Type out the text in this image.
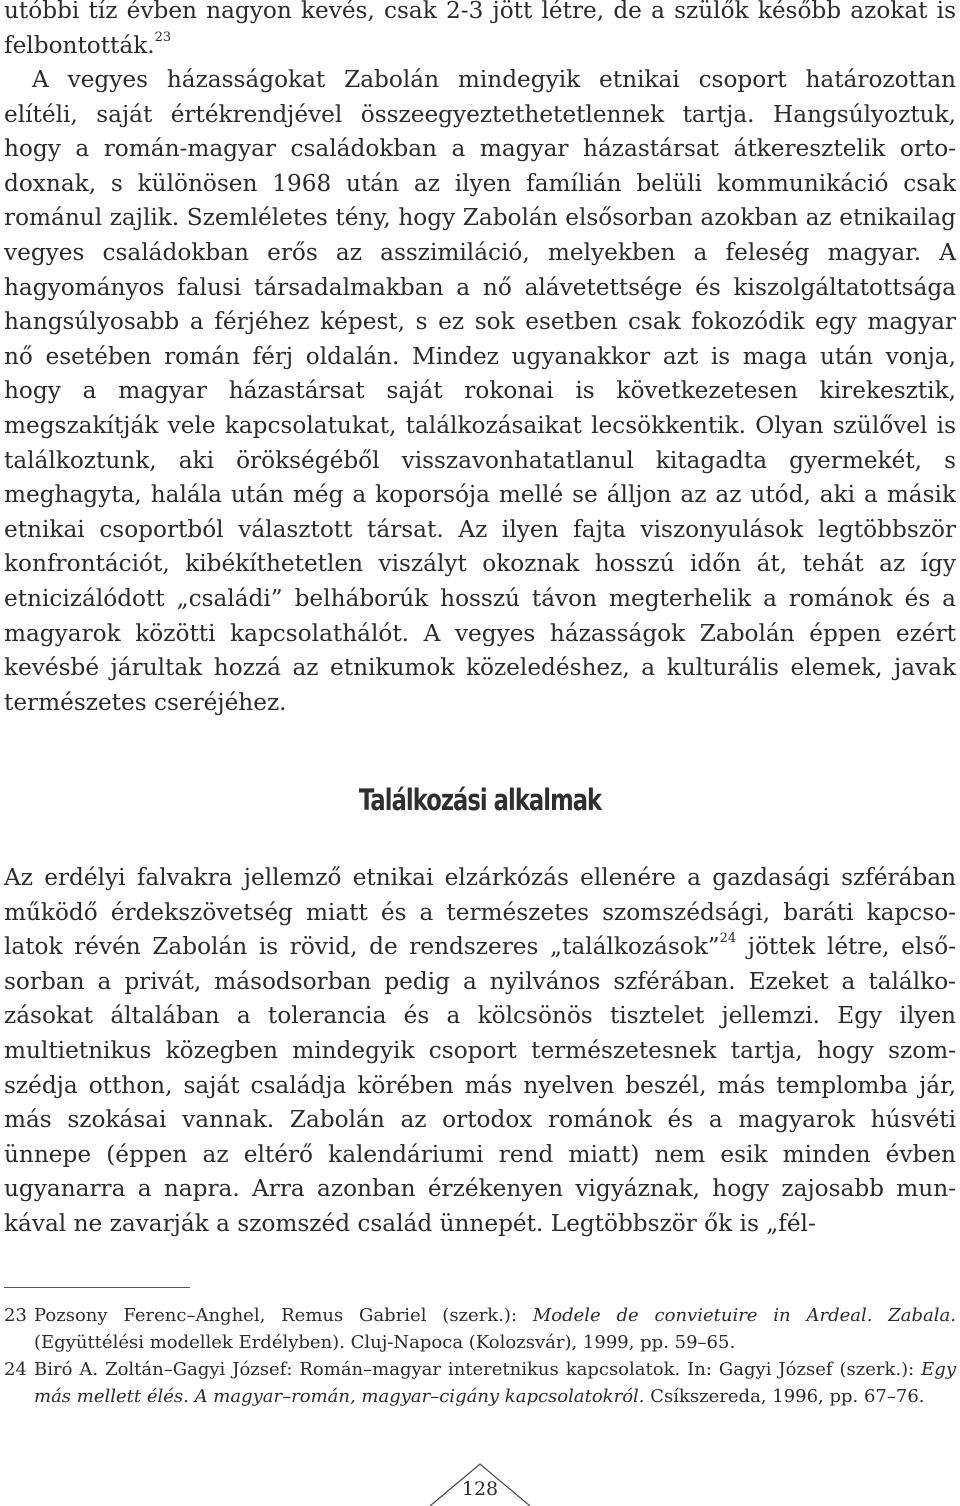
utóbbi tíz évben nagyon kevés, csak 2-3 jött létre, de a szülők később azokat is felbontották.$^{23}$
A vegyes házasságokat Zabolán mindegyik etnikai csoport határozottan elítéli, saját értékrendjével összeegyeztethetetlennek tartja. Hangsúlyoztuk, hogy a román-magyar családokban a magyar házastársat átkeresztelik ortodoxnak, s különösen 1968 után az ilyen famílián belüli kommunikáció csak románul zajlik. Szemléletes tény, hogy Zabolán elsősorban azokban az etnikailag vegyes családokban erős az asszimiláció, melyekben a feleség magyar. A hagyományos falusi társadalmakban a nő alávetettsége és kiszolgáltatottsága hangsúlyosabb a férjéhez képest, s ez sok esetben csak fokozódik egy magyar nő esetében román férj oldalán. Mindez ugyanakkor azt is maga után vonja, hogy a magyar házastársat saját rokonai is következetesen kirekesztik, megszakítják vele kapcsolatukat, találkozásaikat lecsökkentik. Olyan szülővel is találkoztunk, aki örökségéből visszavonhatatlanul kitagadta gyermekét, s meghagyta, halála után még a koporsója mellé se álljon az az utód, aki a másik etnikai csoportból választott társat. Az ilyen fajta viszonyulások legtöbbször konfrontációt, kibékíthetetlen viszályt okoznak hosszú időn át, tehát az így etnicizálódott „családi” belháborúk hosszú távon megterhelik a románok és a magyarok közötti kapcsolathálót. A vegyes házasságok Zabolán éppen ezért kevésbé járultak hozzá az etnikumok közeledéshez, a kulturális elemek, javak természetes cseréjéhez.
Találkozási alkalmak
Az erdélyi falvakra jellemző etnikai elzárkózás ellenére a gazdasági szférában működő érdekszövetség miatt és a természetes szomszédsági, baráti kapcsolatok révén Zabolán is rövid, de rendszeres „találkozások”$^{24}$ jöttek létre, elsősorban a privát, másodsorban pedig a nyilvános szférában. Ezeket a találkozásokat általában a tolerancia és a kölcsönös tisztelet jellemzi. Egy ilyen multietnikus közegben mindegyik csoport természetesnek tartja, hogy szomszédja otthon, saját családja körében más nyelven beszél, más templomba jár, más szokásai vannak. Zabolán az ortodox románok és a magyarok húsvéti ünnepe (éppen az eltérő kalendáriumi rend miatt) nem esik minden évben ugyanarra a napra. Arra azonban érzékenyen vigyáznak, hogy zajosabb munkával ne zavarják a szomszéd család ünnepét. Legtöbbször ők is „fél-
23 Pozsony Ferenc–Anghel, Remus Gabriel (szerk.): Modele de convietuire in Ardeal. Zabala. (Együttélési modellek Erdélyben). Cluj-Napoca (Kolozsvár), 1999, pp. 59–65.
24 Biró A. Zoltán–Gagyi József: Román–magyar interetnikus kapcsolatok. In: Gagyi József (szerk.): Egy más mellett élés. A magyar–román, magyar–cigány kapcsolatokról. Csíkszereda, 1996, pp. 67–76.
128
